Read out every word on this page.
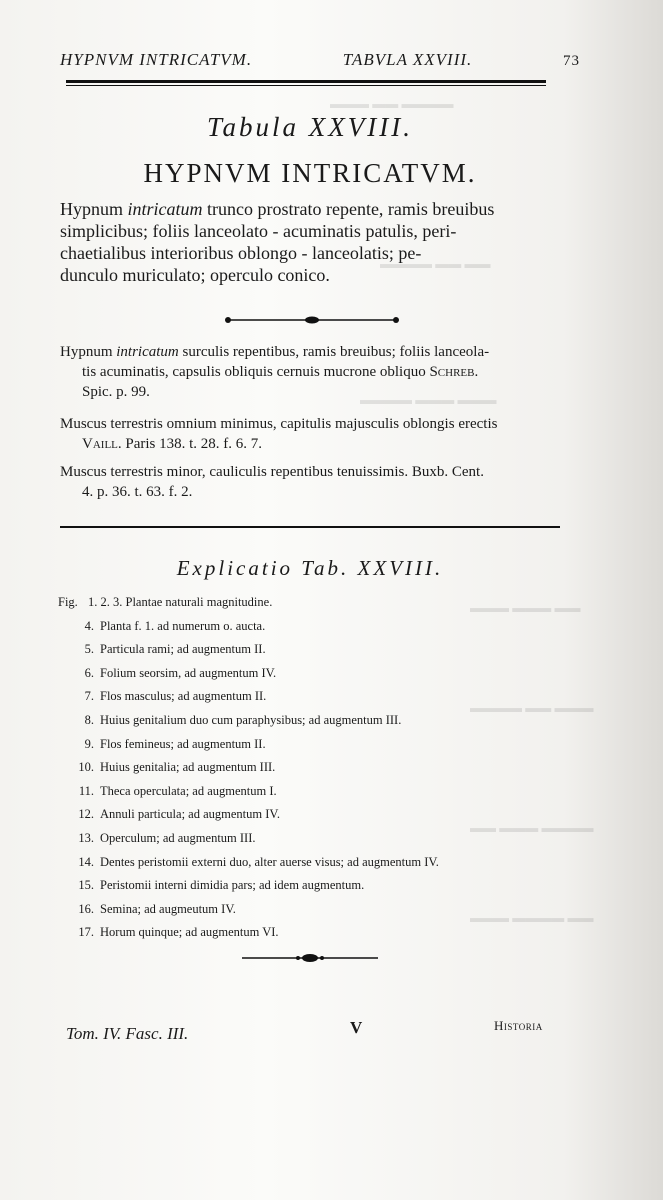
▬▬▬ ▬▬ ▬▬▬▬
▬▬▬▬ ▬▬ ▬▬
▬▬▬▬ ▬▬▬ ▬▬▬
▬▬▬ ▬▬▬ ▬▬
▬▬▬▬ ▬▬ ▬▬▬
▬▬ ▬▬▬ ▬▬▬▬
▬▬▬ ▬▬▬▬ ▬▬
HYPNVM INTRICATVM.	TABVLA XXVIII.	73
Tabula XXVIII.
HYPNVM INTRICATVM.
Hypnum intricatum trunco prostrato repente, ramis breuibus
simplicibus; foliis lanceolato - acuminatis patulis, peri-
chaetialibus interioribus oblongo - lanceolatis; pe-
dunculo muriculato; operculo conico.
Hypnum intricatum surculis repentibus, ramis breuibus; foliis lanceola-
tis acuminatis, capsulis obliquis cernuis mucrone obliquo Schreb.
Spic. p. 99.
Muscus terrestris omnium minimus, capitulis majusculis oblongis erectis
Vaill. Paris 138. t. 28. f. 6. 7.
Muscus terrestris minor, cauliculis repentibus tenuissimis. Buxb. Cent.
4. p. 36. t. 63. f. 2.
Explicatio Tab. XXVIII.
Fig. 1. 2. 3. Plantae naturali magnitudine.
4. Planta f. 1. ad numerum o. aucta.
5. Particula rami; ad augmentum II.
6. Folium seorsim, ad augmentum IV.
7. Flos masculus; ad augmentum II.
8. Huius genitalium duo cum paraphysibus; ad augmentum III.
9. Flos femineus; ad augmentum II.
10. Huius genitalia; ad augmentum III.
11. Theca operculata; ad augmentum I.
12. Annuli particula; ad augmentum IV.
13. Operculum; ad augmentum III.
14. Dentes peristomii externi duo, alter auerse visus; ad augmentum IV.
15. Peristomii interni dimidia pars; ad idem augmentum.
16. Semina; ad augmeutum IV.
17. Horum quinque; ad augmentum VI.
Tom. IV. Fasc. III.	V	Historia
